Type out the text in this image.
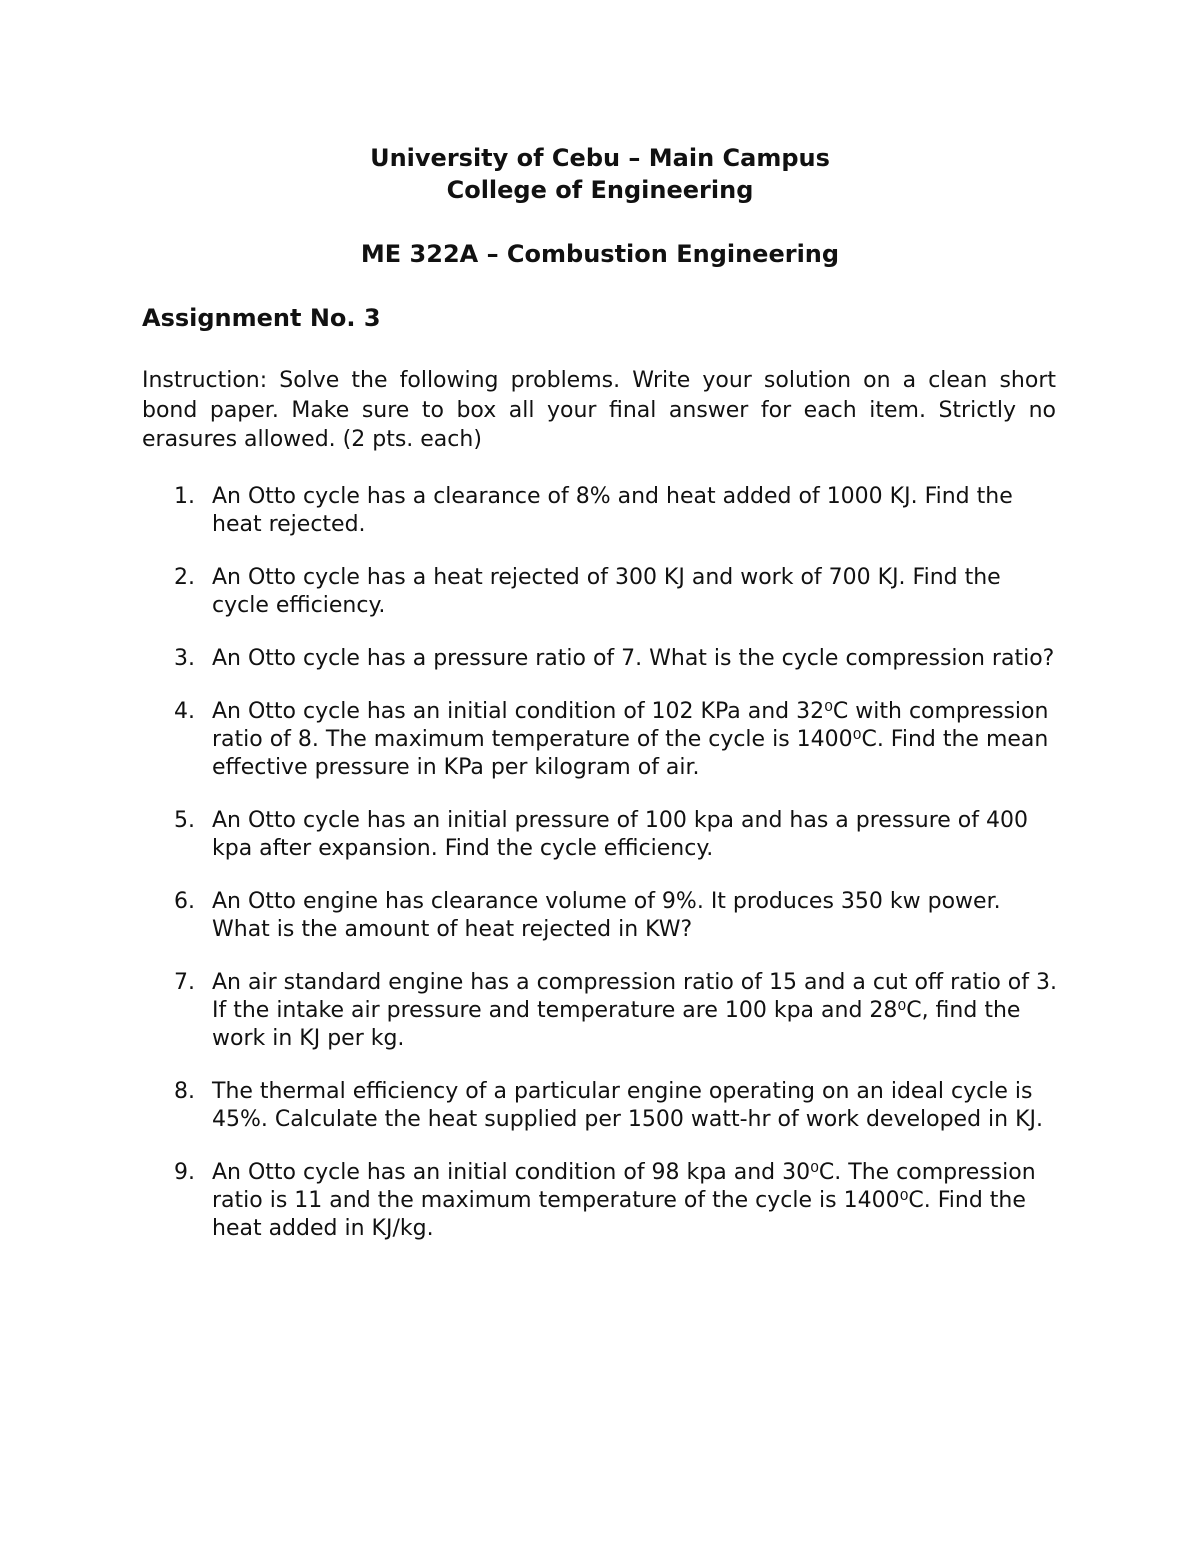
University of Cebu – Main Campus
College of Engineering
ME 322A – Combustion Engineering
Assignment No. 3
Instruction: Solve the following problems. Write your solution on a clean short bond paper. Make sure to box all your final answer for each item. Strictly no erasures allowed. (2 pts. each)
1. An Otto cycle has a clearance of 8% and heat added of 1000 KJ. Find the heat rejected.
2. An Otto cycle has a heat rejected of 300 KJ and work of 700 KJ. Find the cycle efficiency.
3. An Otto cycle has a pressure ratio of 7. What is the cycle compression ratio?
4. An Otto cycle has an initial condition of 102 KPa and 32⁰C with compression ratio of 8. The maximum temperature of the cycle is 1400⁰C. Find the mean effective pressure in KPa per kilogram of air.
5. An Otto cycle has an initial pressure of 100 kpa and has a pressure of 400 kpa after expansion. Find the cycle efficiency.
6. An Otto engine has clearance volume of 9%. It produces 350 kw power. What is the amount of heat rejected in KW?
7. An air standard engine has a compression ratio of 15 and a cut off ratio of 3. If the intake air pressure and temperature are 100 kpa and 28⁰C, find the work in KJ per kg.
8. The thermal efficiency of a particular engine operating on an ideal cycle is 45%. Calculate the heat supplied per 1500 watt-hr of work developed in KJ.
9. An Otto cycle has an initial condition of 98 kpa and 30⁰C. The compression ratio is 11 and the maximum temperature of the cycle is 1400⁰C. Find the heat added in KJ/kg.
